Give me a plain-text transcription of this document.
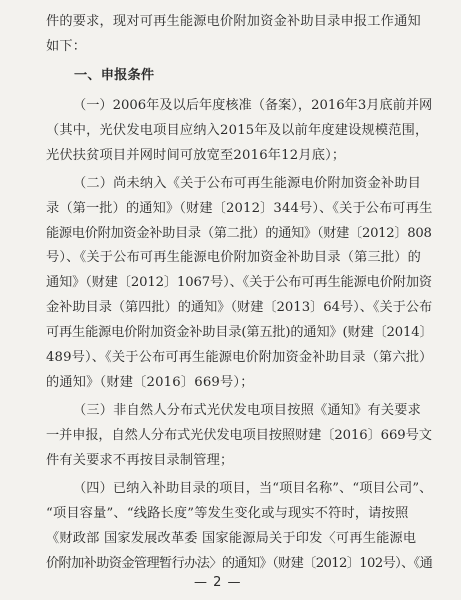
件的要求，现对可再生能源电价附加资金补助目录申报工作通知
如下：
一、申报条件
（一）2006年及以后年度核准（备案），2016年3月底前并网
（其中，光伏发电项目应纳入2015年及以前年度建设规模范围，
光伏扶贫项目并网时间可放宽至2016年12月底）；
（二）尚未纳入《关于公布可再生能源电价附加资金补助目
录（第一批）的通知》（财建〔2012〕344号）、《关于公布可再生
能源电价附加资金补助目录（第二批）的通知》（财建〔2012〕808
号）、《关于公布可再生能源电价附加资金补助目录（第三批）的
通知》（财建〔2012〕1067号）、《关于公布可再生能源电价附加资
金补助目录（第四批）的通知》（财建〔2013〕64号）、《关于公布
可再生能源电价附加资金补助目录(第五批)的通知》(财建〔2014〕
489号）、《关于公布可再生能源电价附加资金补助目录（第六批）
的通知》（财建〔2016〕669号）；
（三）非自然人分布式光伏发电项目按照《通知》有关要求
一并申报，自然人分布式光伏发电项目按照财建〔2016〕669号文
件有关要求不再按目录制管理；
（四）已纳入补助目录的项目，当“项目名称”、“项目公司”、
“项目容量”、“线路长度”等发生变化或与现实不符时，请按照
《财政部 国家发展改革委 国家能源局关于印发〈可再生能源电
价附加补助资金管理暂行办法〉的通知》（财建〔2012〕102号）、《通
— 2 —
